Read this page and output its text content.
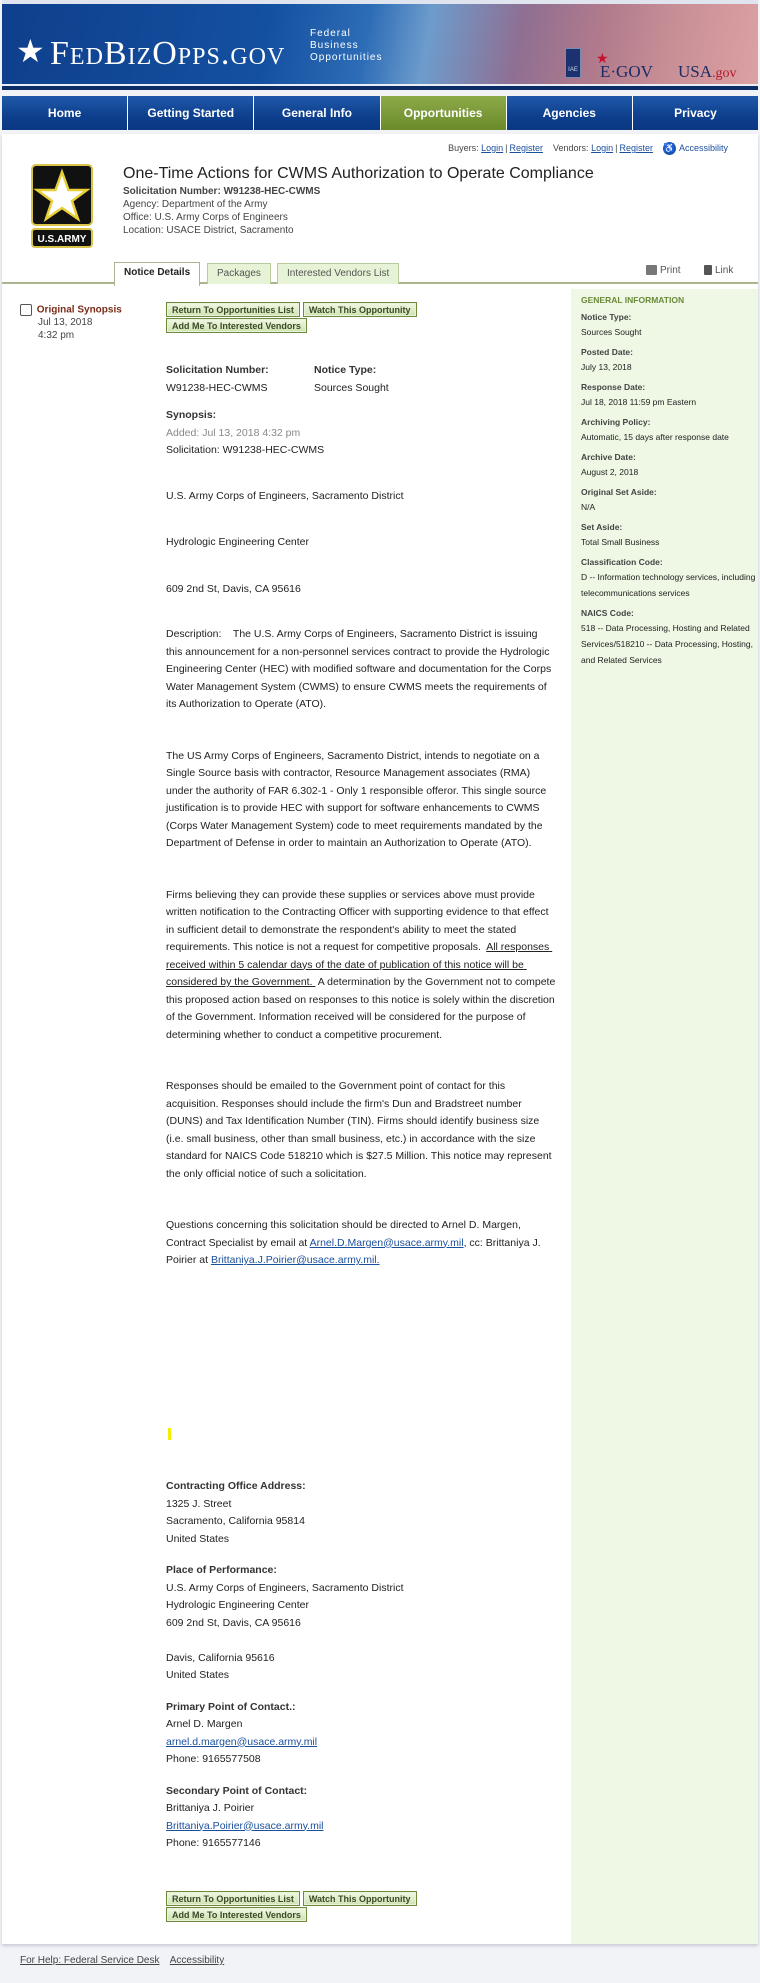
★ FedBizOpps.gov
Federal
Business
Opportunities
IAE
★
E·GOV USA.gov
Home	Getting Started	General Info	Opportunities	Agencies	Privacy
Buyers: Login | Register Vendors: Login | Register ♿ Accessibility
U.S.ARMY
One-Time Actions for CWMS Authorization to Operate Compliance
Solicitation Number: W91238-HEC-CWMS
Agency: Department of the Army
Office: U.S. Army Corps of Engineers
Location: USACE District, Sacramento
Notice Details	Packages	Interested Vendors List	Print	Link
GENERAL INFORMATION
Notice Type:
Sources Sought
Posted Date:
July 13, 2018
Response Date:
Jul 18, 2018 11:59 pm Eastern
Archiving Policy:
Automatic, 15 days after response date
Archive Date:
August 2, 2018
Original Set Aside:
N/A
Set Aside:
Total Small Business
Classification Code:
D -- Information technology services, including telecommunications services
NAICS Code:
518 -- Data Processing, Hosting and Related Services/518210 -- Data Processing, Hosting, and Related Services
Original Synopsis
Jul 13, 2018
4:32 pm
Return To Opportunities List Watch This Opportunity
Add Me To Interested Vendors
Solicitation Number:
W91238-HEC-CWMS
Notice Type:
Sources Sought
Synopsis:
Added: Jul 13, 2018 4:32 pm
Solicitation: W91238-HEC-CWMS
U.S. Army Corps of Engineers, Sacramento District
Hydrologic Engineering Center
609 2nd St, Davis, CA 95616
Description:    The U.S. Army Corps of Engineers, Sacramento District is issuing this announcement for a non-personnel services contract to provide the Hydrologic Engineering Center (HEC) with modified software and documentation for the Corps Water Management System (CWMS) to ensure CWMS meets the requirements of its Authorization to Operate (ATO).
The US Army Corps of Engineers, Sacramento District, intends to negotiate on a Single Source basis with contractor, Resource Management associates (RMA) under the authority of FAR 6.302-1 - Only 1 responsible offeror. This single source justification is to provide HEC with support for software enhancements to CWMS (Corps Water Management System) code to meet requirements mandated by the Department of Defense in order to maintain an Authorization to Operate (ATO).
Firms believing they can provide these supplies or services above must provide written notification to the Contracting Officer with supporting evidence to that effect in sufficient detail to demonstrate the respondent's ability to meet the stated requirements. This notice is not a request for competitive proposals.  All responses received within 5 calendar days of the date of publication of this notice will be considered by the Government.  A determination by the Government not to compete this proposed action based on responses to this notice is solely within the discretion of the Government. Information received will be considered for the purpose of determining whether to conduct a competitive procurement.
Responses should be emailed to the Government point of contact for this acquisition. Responses should include the firm's Dun and Bradstreet number (DUNS) and Tax Identification Number (TIN). Firms should identify business size (i.e. small business, other than small business, etc.) in accordance with the size standard for NAICS Code 518210 which is $27.5 Million. This notice may represent the only official notice of such a solicitation.
Questions concerning this solicitation should be directed to Arnel D. Margen, Contract Specialist by email at Arnel.D.Margen@usace.army.mil, cc: Brittaniya J. Poirier at Brittaniya.J.Poirier@usace.army.mil.
Contracting Office Address:
1325 J. Street
Sacramento, California 95814
United States
Place of Performance:
U.S. Army Corps of Engineers, Sacramento District
Hydrologic Engineering Center
609 2nd St, Davis, CA 95616
Davis, California 95616
United States
Primary Point of Contact.:
Arnel D. Margen
arnel.d.margen@usace.army.mil
Phone: 9165577508
Secondary Point of Contact:
Brittaniya J. Poirier
Brittaniya.Poirier@usace.army.mil
Phone: 9165577146
Return To Opportunities List Watch This Opportunity
Add Me To Interested Vendors
For Help: Federal Service Desk Accessibility
